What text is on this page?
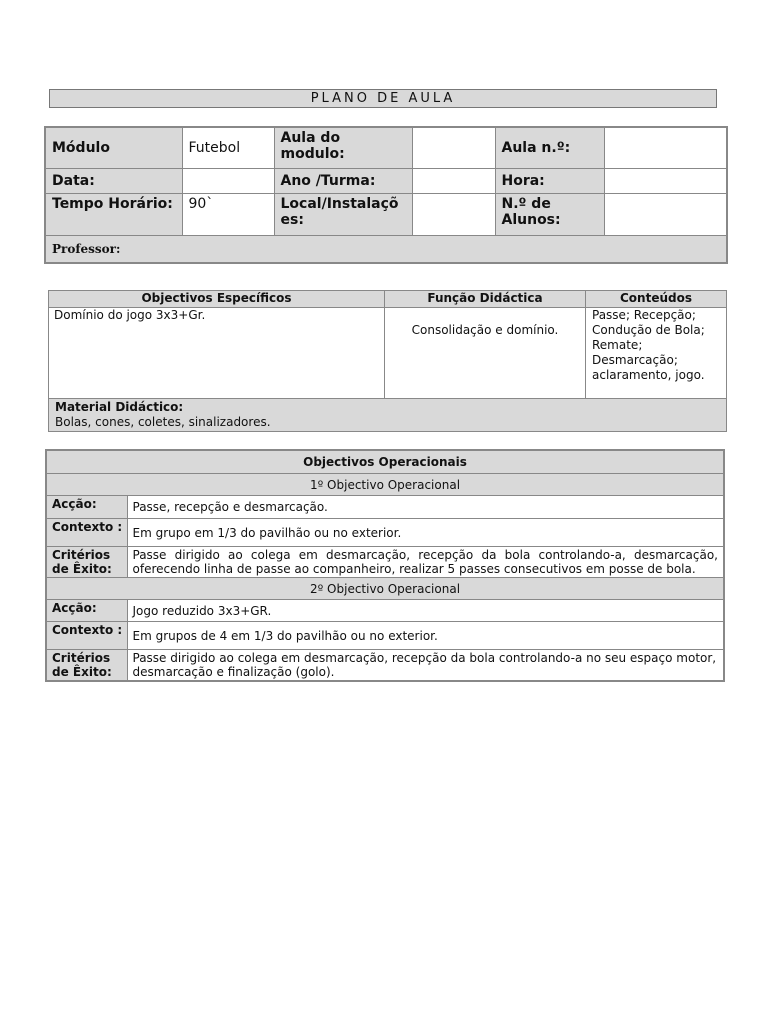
PLANO DE AULA
Módulo	Futebol	Aula do modulo:		Aula n.º:	
Data:		Ano /Turma:		Hora:	
Tempo Horário:	90`	Local/Instalaçõ es:		N.º de Alunos:	
Professor:					
Objectivos Específicos	Função Didáctica	Conteúdos
Domínio do jogo 3x3+Gr.	Consolidação e domínio.	Passe; Recepção; Condução de Bola; Remate; Desmarcação; aclaramento, jogo.

Material Didáctico:
Bolas, cones, coletes, sinalizadores.		
Objectivos Operacionais	
1º Objectivo Operacional	
Acção:	Passe, recepção e desmarcação.
Contexto :	Em grupo em 1/3 do pavilhão ou no exterior.
Critérios de Êxito:	Passe dirigido ao colega em desmarcação, recepção da bola controlando-a, desmarcação, oferecendo linha de passe ao companheiro, realizar 5 passes consecutivos em posse de bola.
2º Objectivo Operacional	
Acção:	Jogo reduzido 3x3+GR.
Contexto :	Em grupos de 4 em 1/3 do pavilhão ou no exterior.
Critérios de Êxito:	Passe dirigido ao colega em desmarcação, recepção da bola controlando-a no seu espaço motor, desmarcação e finalização (golo).
